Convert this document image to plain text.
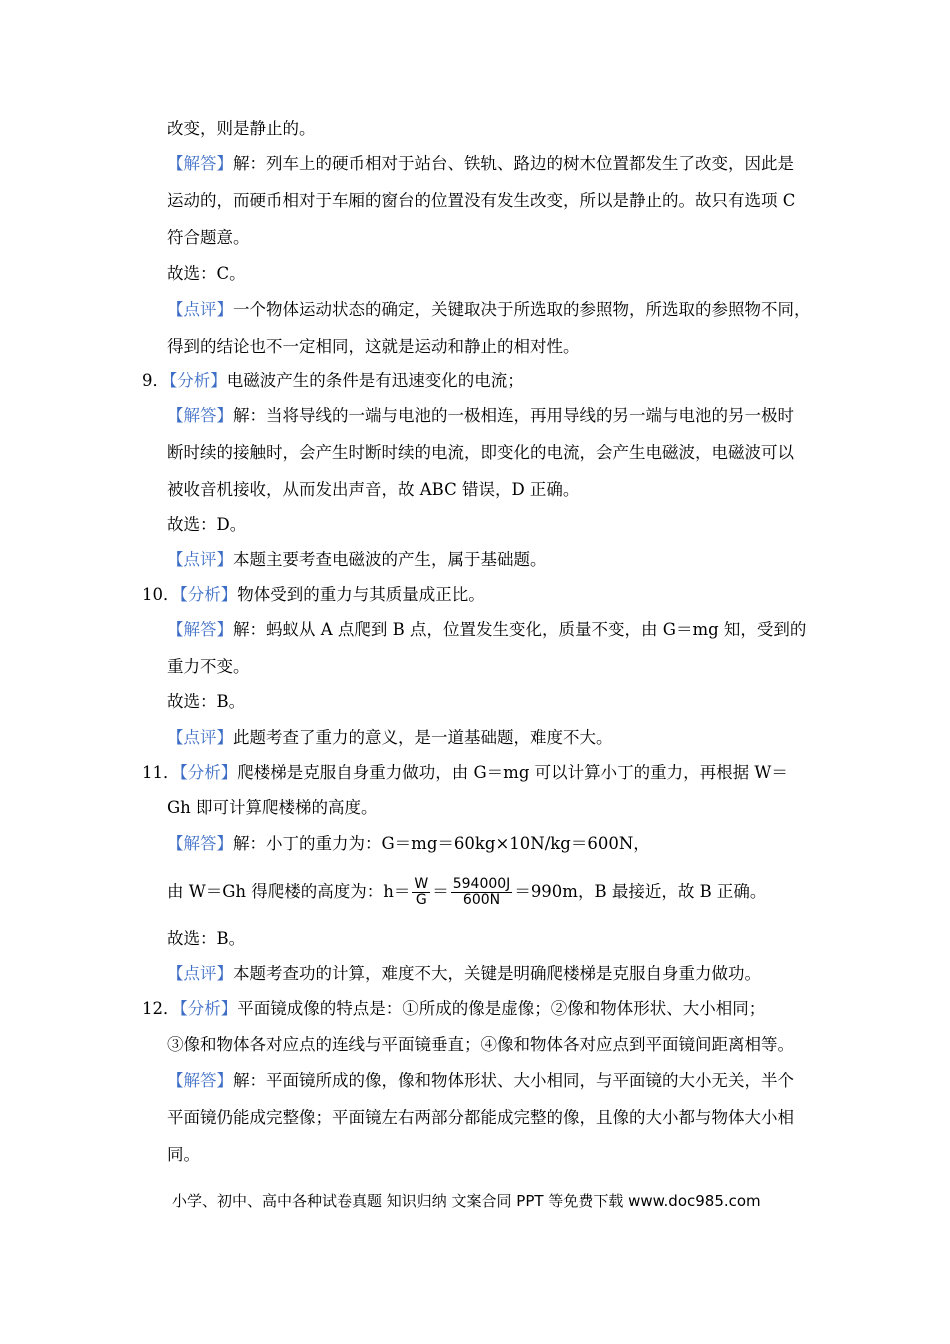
改变，则是静止的。
【解答】解：列车上的硬币相对于站台、铁轨、路边的树木位置都发生了改变，因此是
运动的，而硬币相对于车厢的窗台的位置没有发生改变，所以是静止的。故只有选项 C
符合题意。
故选：C。
【点评】一个物体运动状态的确定，关键取决于所选取的参照物，所选取的参照物不同，
得到的结论也不一定相同，这就是运动和静止的相对性。
9．【分析】电磁波产生的条件是有迅速变化的电流；
【解答】解：当将导线的一端与电池的一极相连，再用导线的另一端与电池的另一极时
断时续的接触时，会产生时断时续的电流，即变化的电流，会产生电磁波，电磁波可以
被收音机接收，从而发出声音，故 ABC 错误，D 正确。
故选：D。
【点评】本题主要考查电磁波的产生，属于基础题。
10．【分析】物体受到的重力与其质量成正比。
【解答】解：蚂蚁从 A 点爬到 B 点，位置发生变化，质量不变，由 G＝mg 知，受到的
重力不变。
故选：B。
【点评】此题考查了重力的意义，是一道基础题，难度不大。
11．【分析】爬楼梯是克服自身重力做功，由 G＝mg 可以计算小丁的重力，再根据 W＝
Gh 即可计算爬楼梯的高度。
【解答】解：小丁的重力为：G＝mg＝60kg×10N/kg＝600N，
由 W＝Gh 得爬楼的高度为：$h= \frac{W}{G} = \frac{594000J}{600N} =990m$，B 最接近，故 B 正确。
故选：B。
【点评】本题考查功的计算，难度不大，关键是明确爬楼梯是克服自身重力做功。
12．【分析】平面镜成像的特点是：①所成的像是虚像；②像和物体形状、大小相同；
③像和物体各对应点的连线与平面镜垂直；④像和物体各对应点到平面镜间距离相等。
【解答】解：平面镜所成的像，像和物体形状、大小相同，与平面镜的大小无关，半个
平面镜仍能成完整像；平面镜左右两部分都能成完整的像，且像的大小都与物体大小相
同。
小学、初中、高中各种试卷真题 知识归纳 文案合同 PPT 等免费下载 www.doc985.com
